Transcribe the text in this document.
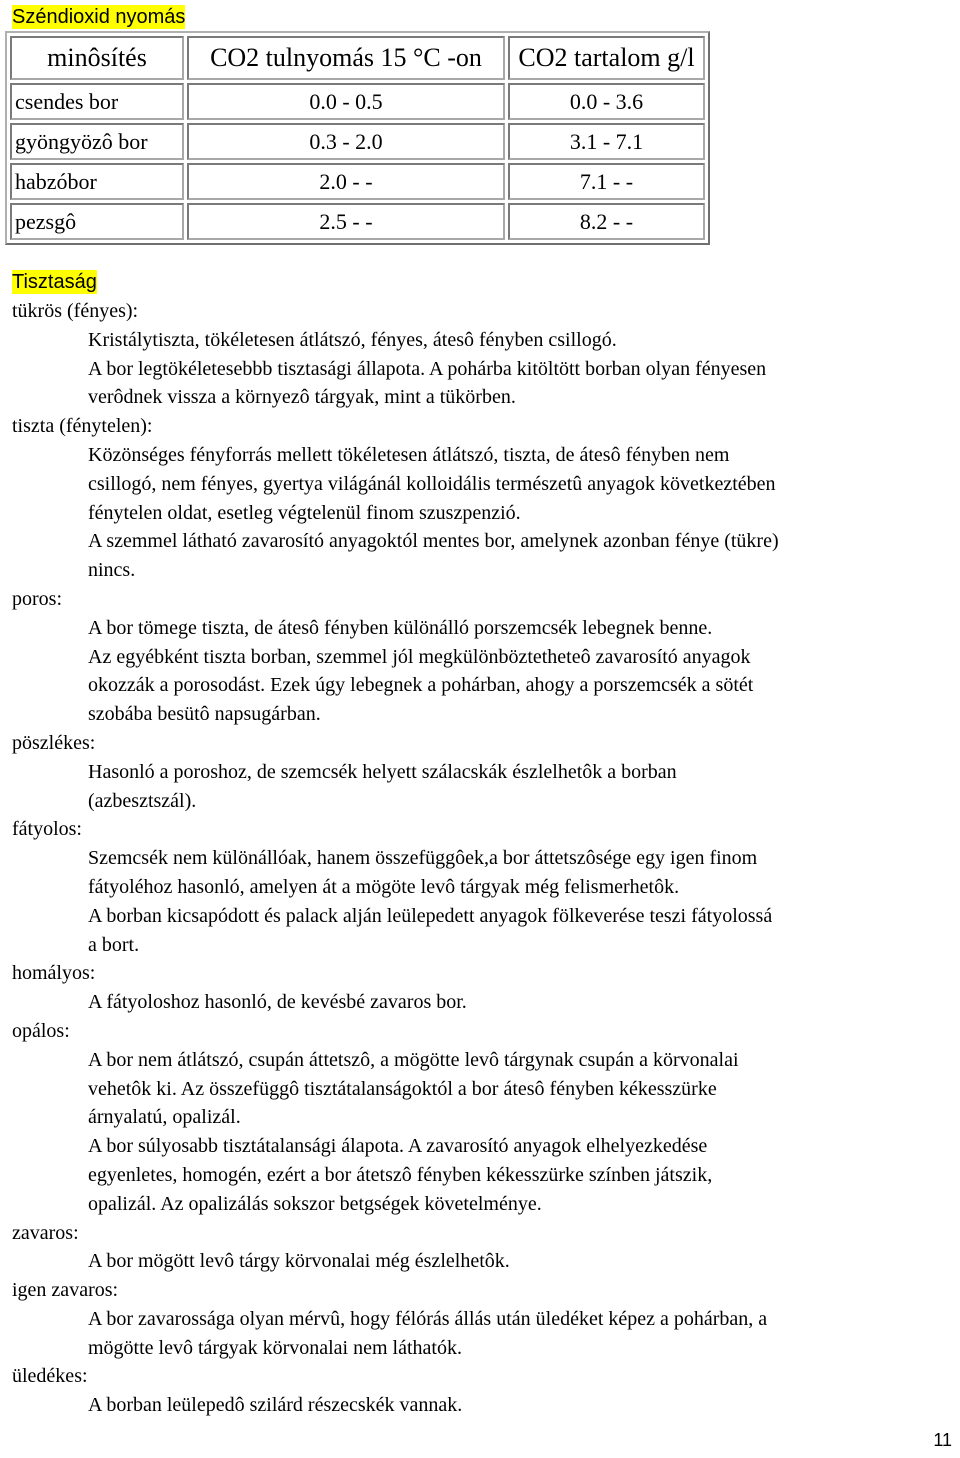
Széndioxid nyomás
minôsítés	CO2 tulnyomás 15 °C -on	CO2 tartalom g/l
csendes bor	0.0 - 0.5	0.0 - 3.6
gyöngyözô bor	0.3 - 2.0	3.1 - 7.1
habzóbor	2.0 - -	7.1 - -
pezsgô	2.5 - -	8.2 - -
Tisztaság
tükrös (fényes):
Kristálytiszta, tökéletesen átlátszó, fényes, átesô fényben csillogó.
A bor legtökéletesebbb tisztasági állapota. A pohárba kitöltött borban olyan fényesen
verôdnek vissza a környezô tárgyak, mint a tükörben.
tiszta (fénytelen):
Közönséges fényforrás mellett tökéletesen átlátszó, tiszta, de átesô fényben nem
csillogó, nem fényes, gyertya világánál kolloidális természetû anyagok következtében
fénytelen oldat, esetleg végtelenül finom szuszpenzió.
A szemmel látható zavarosító anyagoktól mentes bor, amelynek azonban fénye (tükre)
nincs.
poros:
A bor tömege tiszta, de átesô fényben különálló porszemcsék lebegnek benne.
Az egyébként tiszta borban, szemmel jól megkülönböztetheteô zavarosító anyagok
okozzák a porosodást. Ezek úgy lebegnek a pohárban, ahogy a porszemcsék a sötét
szobába besütô napsugárban.
pöszlékes:
Hasonló a poroshoz, de szemcsék helyett szálacskák észlelhetôk a borban
(azbesztszál).
fátyolos:
Szemcsék nem különállóak, hanem összefüggôek,a bor áttetszôsége egy igen finom
fátyoléhoz hasonló, amelyen át a mögöte levô tárgyak még felismerhetôk.
A borban kicsapódott és palack alján leülepedett anyagok fölkeverése teszi fátyolossá
a bort.
homályos:
A fátyoloshoz hasonló, de kevésbé zavaros bor.
opálos:
A bor nem átlátszó, csupán áttetszô, a mögötte levô tárgynak csupán a körvonalai
vehetôk ki. Az összefüggô tisztátalanságoktól a bor átesô fényben kékesszürke
árnyalatú, opalizál.
A bor súlyosabb tisztátalansági álapota. A zavarosító anyagok elhelyezkedése
egyenletes, homogén, ezért a bor átetszô fényben kékesszürke színben játszik,
opalizál. Az opalizálás sokszor betgségek követelménye.
zavaros:
A bor mögött levô tárgy körvonalai még észlelhetôk.
igen zavaros:
A bor zavarossága olyan mérvû, hogy félórás állás után üledéket képez a pohárban, a
mögötte levô tárgyak körvonalai nem láthatók.
üledékes:
A borban leülepedô szilárd részecskék vannak.
11
